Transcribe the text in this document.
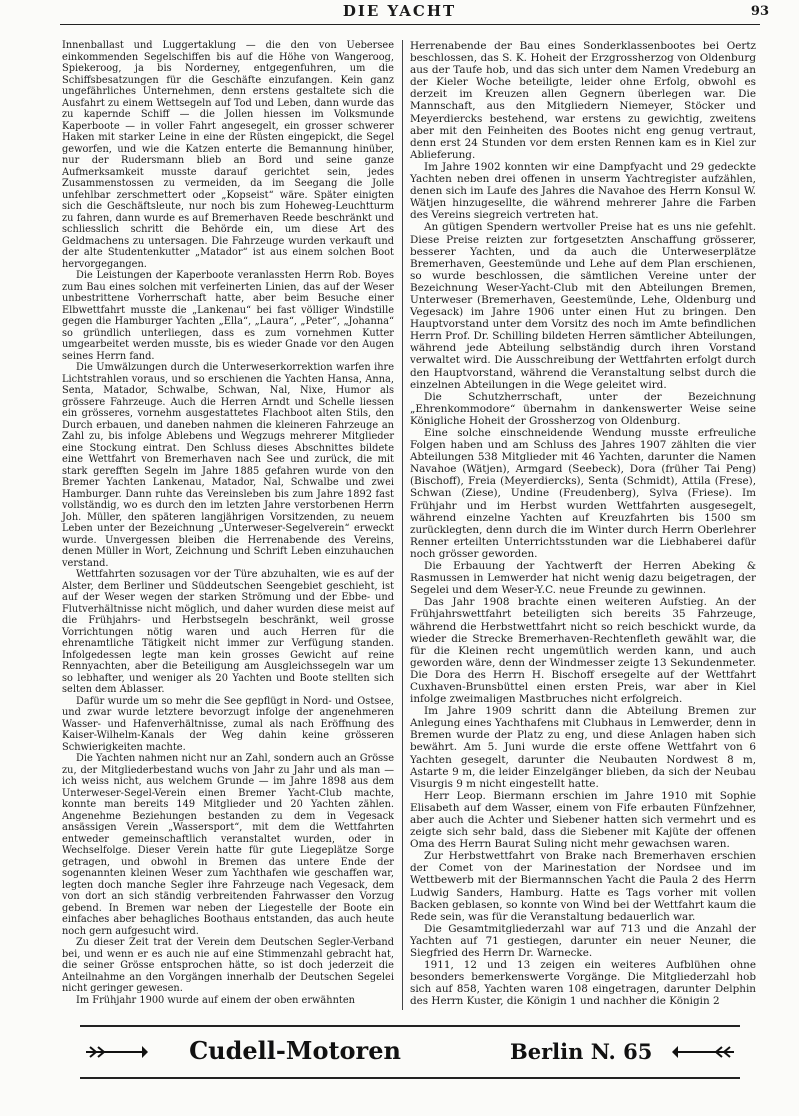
DIE YACHT	93

Innenballast und Luggertaklung — die den von Uebersee einkommenden Segelschiffen bis auf die Höhe von Wangeroog, Spiekeroog, ja bis Norderney, entgegenfuhren, um die Schiffsbesatzungen für die Geschäfte einzufangen. Kein ganz ungefährliches Unternehmen, denn erstens gestaltete sich die Ausfahrt zu einem Wettsegeln auf Tod und Leben, dann wurde das zu kapernde Schiff — die Jollen hiessen im Volksmunde Kaperboote — in voller Fahrt angesegelt, ein grosser schwerer Haken mit starker Leine in eine der Rüsten eingepickt, die Segel geworfen, und wie die Katzen enterte die Bemannung hinüber, nur der Rudersmann blieb an Bord und seine ganze Aufmerksamkeit musste darauf gerichtet sein, jedes Zusammenstossen zu vermeiden, da im Seegang die Jolle unfehlbar zerschmettert oder „Kopseist“ wäre. Später einigten sich die Geschäftsleute, nur noch bis zum Hoheweg-Leuchtturm zu fahren, dann wurde es auf Bremerhaven Reede beschränkt und schliesslich schritt die Behörde ein, um diese Art des Geldmachens zu untersagen. Die Fahrzeuge wurden verkauft und der alte Studentenkutter „Matador“ ist aus einem solchen Boot hervorgegangen.

Die Leistungen der Kaperboote veranlassten Herrn Rob. Boyes zum Bau eines solchen mit verfeinerten Linien, das auf der Weser unbestrittene Vorherrschaft hatte, aber beim Besuche einer Elbwettfahrt musste die „Lankenau“ bei fast völliger Windstille gegen die Hamburger Yachten „Ella“, „Laura“, „Peter“, „Johanna“ so gründlich unterliegen, dass es zum vornehmen Kutter umgearbeitet werden musste, bis es wieder Gnade vor den Augen seines Herrn fand.

Die Umwälzungen durch die Unterweserkorrektion warfen ihre Lichtstrahlen voraus, und so erschienen die Yachten Hansa, Anna, Senta, Matador, Schwalbe, Schwan, Nal, Nixe, Humor als grössere Fahrzeuge. Auch die Herren Arndt und Schelle liessen ein grösseres, vornehm ausgestattetes Flachboot alten Stils, den Durch erbauen, und daneben nahmen die kleineren Fahrzeuge an Zahl zu, bis infolge Ablebens und Wegzugs mehrerer Mitglieder eine Stockung eintrat. Den Schluss dieses Abschnittes bildete eine Wettfahrt von Bremerhaven nach See und zurück, die mit stark gerefften Segeln im Jahre 1885 gefahren wurde von den Bremer Yachten Lankenau, Matador, Nal, Schwalbe und zwei Hamburger. Dann ruhte das Vereinsleben bis zum Jahre 1892 fast vollständig, wo es durch den im letzten Jahre verstorbenen Herrn Joh. Müller, den späteren langjährigen Vorsitzenden, zu neuem Leben unter der Bezeichnung „Unterweser-Segelverein“ erweckt wurde. Unvergessen bleiben die Herrenabende des Vereins, denen Müller in Wort, Zeichnung und Schrift Leben einzuhauchen verstand.

Wettfahrten sozusagen vor der Türe abzuhalten, wie es auf der Alster, dem Berliner und Süddeutschen Seengebiet geschieht, ist auf der Weser wegen der starken Strömung und der Ebbe- und Flutverhältnisse nicht möglich, und daher wurden diese meist auf die Frühjahrs- und Herbstsegeln beschränkt, weil grosse Vorrichtungen nötig waren und auch Herren für die ehrenamtliche Tätigkeit nicht immer zur Verfügung standen. Infolgedessen legte man kein grosses Gewicht auf reine Rennyachten, aber die Beteiligung am Ausgleichssegeln war um so lebhafter, und weniger als 20 Yachten und Boote stellten sich selten dem Ablasser.

Dafür wurde um so mehr die See gepflügt in Nord- und Ostsee, und zwar wurde letztere bevorzugt infolge der angenehmeren Wasser- und Hafenverhältnisse, zumal als nach Eröffnung des Kaiser-Wilhelm-Kanals der Weg dahin keine grösseren Schwierigkeiten machte.

Die Yachten nahmen nicht nur an Zahl, sondern auch an Grösse zu, der Mitgliederbestand wuchs von Jahr zu Jahr und als man — ich weiss nicht, aus welchem Grunde — im Jahre 1898 aus dem Unterweser-Segel-Verein einen Bremer Yacht-Club machte, konnte man bereits 149 Mitglieder und 20 Yachten zählen. Angenehme Beziehungen bestanden zu dem in Vegesack ansässigen Verein „Wassersport“, mit dem die Wettfahrten entweder gemeinschaftlich veranstaltet wurden, oder in Wechselfolge. Dieser Verein hatte für gute Liegeplätze Sorge getragen, und obwohl in Bremen das untere Ende der sogenannten kleinen Weser zum Yachthafen wie geschaffen war, legten doch manche Segler ihre Fahrzeuge nach Vegesack, dem von dort an sich ständig verbreitenden Fahrwasser den Vorzug gebend. In Bremen war neben der Liegestelle der Boote ein einfaches aber behagliches Boothaus entstanden, das auch heute noch gern aufgesucht wird.

Zu dieser Zeit trat der Verein dem Deutschen Segler-Verband bei, und wenn er es auch nie auf eine Stimmenzahl gebracht hat, die seiner Grösse entsprochen hätte, so ist doch jederzeit die Anteilnahme an den Vorgängen innerhalb der Deutschen Segelei nicht geringer gewesen.

Im Frühjahr 1900 wurde auf einem der oben erwähnten

Herrenabende der Bau eines Sonderklassenbootes bei Oertz beschlossen, das S. K. Hoheit der Erzgrossherzog von Oldenburg aus der Taufe hob, und das sich unter dem Namen Vredeburg an der Kieler Woche beteiligte, leider ohne Erfolg, obwohl es derzeit im Kreuzen allen Gegnern überlegen war. Die Mannschaft, aus den Mitgliedern Niemeyer, Stöcker und Meyerdiercks bestehend, war erstens zu gewichtig, zweitens aber mit den Feinheiten des Bootes nicht eng genug vertraut, denn erst 24 Stunden vor dem ersten Rennen kam es in Kiel zur Ablieferung.

Im Jahre 1902 konnten wir eine Dampfyacht und 29 gedeckte Yachten neben drei offenen in unserm Yachtregister aufzählen, denen sich im Laufe des Jahres die Navahoe des Herrn Konsul W. Wätjen hinzugesellte, die während mehrerer Jahre die Farben des Vereins siegreich vertreten hat.

An gütigen Spendern wertvoller Preise hat es uns nie gefehlt. Diese Preise reizten zur fortgesetzten Anschaffung grösserer, besserer Yachten, und da auch die Unterweserplätze Bremerhaven, Geestemünde und Lehe auf dem Plan erschienen, so wurde beschlossen, die sämtlichen Vereine unter der Bezeichnung Weser-Yacht-Club mit den Abteilungen Bremen, Unterweser (Bremerhaven, Geestemünde, Lehe, Oldenburg und Vegesack) im Jahre 1906 unter einen Hut zu bringen. Den Hauptvorstand unter dem Vorsitz des noch im Amte befindlichen Herrn Prof. Dr. Schilling bildeten Herren sämtlicher Abteilungen, während jede Abteilung selbständig durch ihren Vorstand verwaltet wird. Die Ausschreibung der Wettfahrten erfolgt durch den Hauptvorstand, während die Veranstaltung selbst durch die einzelnen Abteilungen in die Wege geleitet wird.

Die Schutzherrschaft, unter der Bezeichnung „Ehrenkommodore“ übernahm in dankenswerter Weise seine Königliche Hoheit der Grossherzog von Oldenburg.

Eine solche einschneidende Wendung musste erfreuliche Folgen haben und am Schluss des Jahres 1907 zählten die vier Abteilungen 538 Mitglieder mit 46 Yachten, darunter die Namen Navahoe (Wätjen), Armgard (Seebeck), Dora (früher Tai Peng) (Bischoff), Freia (Meyerdiercks), Senta (Schmidt), Attila (Frese), Schwan (Ziese), Undine (Freudenberg), Sylva (Friese). Im Frühjahr und im Herbst wurden Wettfahrten ausgesegelt, während einzelne Yachten auf Kreuzfahrten bis 1500 sm zurücklegten, denn durch die im Winter durch Herrn Oberlehrer Renner erteilten Unterrichtsstunden war die Liebhaberei dafür noch grösser geworden.

Die Erbauung der Yachtwerft der Herren Abeking & Rasmussen in Lemwerder hat nicht wenig dazu beigetragen, der Segelei und dem Weser-Y.C. neue Freunde zu gewinnen.

Das Jahr 1908 brachte einen weiteren Aufstieg. An der Frühjahrswettfahrt beteiligten sich bereits 35 Fahrzeuge, während die Herbstwettfahrt nicht so reich beschickt wurde, da wieder die Strecke Bremerhaven-Rechtenfleth gewählt war, die für die Kleinen recht ungemütlich werden kann, und auch geworden wäre, denn der Windmesser zeigte 13 Sekundenmeter. Die Dora des Herrn H. Bischoff ersegelte auf der Wettfahrt Cuxhaven-Brunsbüttel einen ersten Preis, war aber in Kiel infolge zweimaligen Mastbruches nicht erfolgreich.

Im Jahre 1909 schritt dann die Abteilung Bremen zur Anlegung eines Yachthafens mit Clubhaus in Lemwerder, denn in Bremen wurde der Platz zu eng, und diese Anlagen haben sich bewährt. Am 5. Juni wurde die erste offene Wettfahrt von 6 Yachten gesegelt, darunter die Neubauten Nordwest 8 m, Astarte 9 m, die leider Einzelgänger blieben, da sich der Neubau Visurgis 9 m nicht eingestellt hatte.

Herr Leop. Biermann erschien im Jahre 1910 mit Sophie Elisabeth auf dem Wasser, einem von Fife erbauten Fünfzehner, aber auch die Achter und Siebener hatten sich vermehrt und es zeigte sich sehr bald, dass die Siebener mit Kajüte der offenen Oma des Herrn Baurat Suling nicht mehr gewachsen waren.

Zur Herbstwettfahrt von Brake nach Bremerhaven erschien der Comet von der Marinestation der Nordsee und im Wettbewerb mit der Biermannschen Yacht die Paula 2 des Herrn Ludwig Sanders, Hamburg. Hatte es Tags vorher mit vollen Backen geblasen, so konnte von Wind bei der Wettfahrt kaum die Rede sein, was für die Veranstaltung bedauerlich war.

Die Gesamtmitgliederzahl war auf 713 und die Anzahl der Yachten auf 71 gestiegen, darunter ein neuer Neuner, die Siegfried des Herrn Dr. Warnecke.

1911, 12 und 13 zeigen ein weiteres Aufblühen ohne besonders bemerkenswerte Vorgänge. Die Mitgliederzahl hob sich auf 858, Yachten waren 108 eingetragen, darunter Delphin des Herrn Kuster, die Königin 1 und nachher die Königin 2

Cudell-Motoren	Berlin N. 65
